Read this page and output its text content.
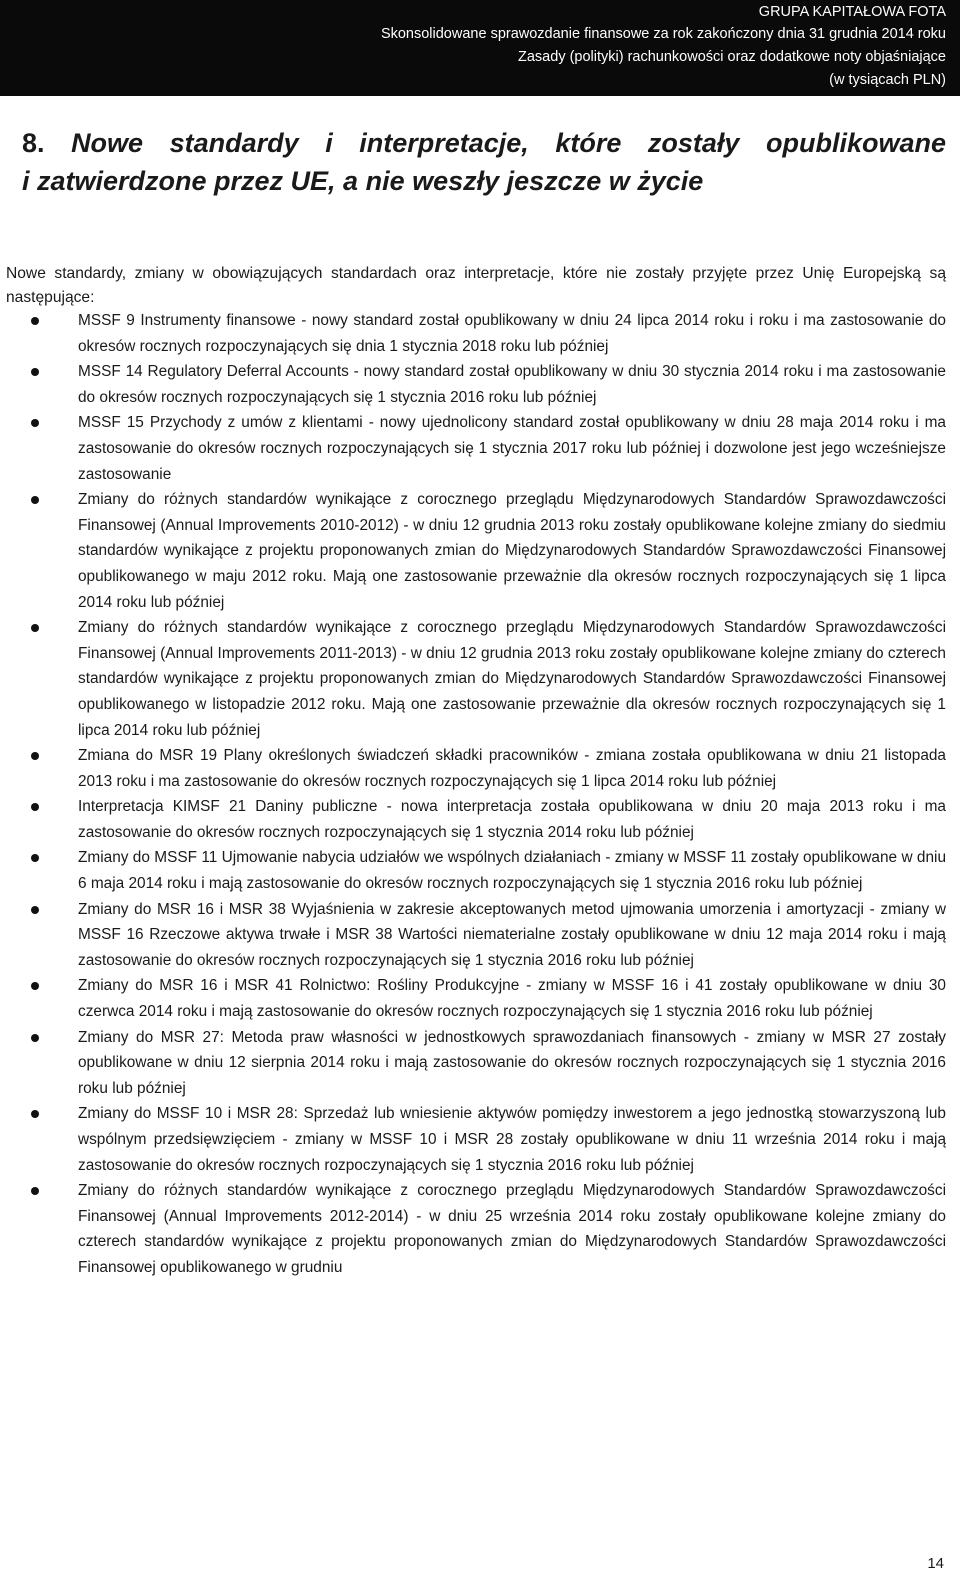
GRUPA KAPITAŁOWA FOTA
Skonsolidowane sprawozdanie finansowe za rok zakończony dnia 31 grudnia 2014 roku
Zasady (polityki) rachunkowości oraz dodatkowe noty objaśniające
(w tysiącach PLN)
8. Nowe standardy i interpretacje, które zostały opublikowane
i zatwierdzone przez UE, a nie weszły jeszcze w życie

Nowe standardy, zmiany w obowiązujących standardach oraz interpretacje, które nie zostały przyjęte przez Unię Europejską są następujące:

MSSF 9 Instrumenty finansowe - nowy standard został opublikowany w dniu 24 lipca 2014 roku i roku i ma zastosowanie do okresów rocznych rozpoczynających się dnia 1 stycznia 2018 roku lub później
MSSF 14 Regulatory Deferral Accounts - nowy standard został opublikowany w dniu 30 stycznia 2014 roku i ma zastosowanie do okresów rocznych rozpoczynających się 1 stycznia 2016 roku lub później
MSSF 15 Przychody z umów z klientami - nowy ujednolicony standard został opublikowany w dniu 28 maja 2014 roku i ma zastosowanie do okresów rocznych rozpoczynających się 1 stycznia 2017 roku lub później i dozwolone jest jego wcześniejsze zastosowanie
Zmiany do różnych standardów wynikające z corocznego przeglądu Międzynarodowych Standardów Sprawozdawczości Finansowej (Annual Improvements 2010-2012) - w dniu 12 grudnia 2013 roku zostały opublikowane kolejne zmiany do siedmiu standardów wynikające z projektu proponowanych zmian do Międzynarodowych Standardów Sprawozdawczości Finansowej opublikowanego w maju 2012 roku. Mają one zastosowanie przeważnie dla okresów rocznych rozpoczynających się 1 lipca 2014 roku lub później
Zmiany do różnych standardów wynikające z corocznego przeglądu Międzynarodowych Standardów Sprawozdawczości Finansowej (Annual Improvements 2011-2013) - w dniu 12 grudnia 2013 roku zostały opublikowane kolejne zmiany do czterech standardów wynikające z projektu proponowanych zmian do Międzynarodowych Standardów Sprawozdawczości Finansowej opublikowanego w listopadzie 2012 roku. Mają one zastosowanie przeważnie dla okresów rocznych rozpoczynających się 1 lipca 2014 roku lub później
Zmiana do MSR 19 Plany określonych świadczeń składki pracowników - zmiana została opublikowana w dniu 21 listopada 2013 roku i ma zastosowanie do okresów rocznych rozpoczynających się 1 lipca 2014 roku lub później
Interpretacja KIMSF 21 Daniny publiczne - nowa interpretacja została opublikowana w dniu 20 maja 2013 roku i ma zastosowanie do okresów rocznych rozpoczynających się 1 stycznia 2014 roku lub później
Zmiany do MSSF 11 Ujmowanie nabycia udziałów we wspólnych działaniach - zmiany w MSSF 11 zostały opublikowane w dniu 6 maja 2014 roku i mają zastosowanie do okresów rocznych rozpoczynających się 1 stycznia 2016 roku lub później
Zmiany do MSR 16 i MSR 38 Wyjaśnienia w zakresie akceptowanych metod ujmowania umorzenia i amortyzacji - zmiany w MSSF 16 Rzeczowe aktywa trwałe i MSR 38 Wartości niematerialne zostały opublikowane w dniu 12 maja 2014 roku i mają zastosowanie do okresów rocznych rozpoczynających się 1 stycznia 2016 roku lub później
Zmiany do MSR 16 i MSR 41 Rolnictwo: Rośliny Produkcyjne - zmiany w MSSF 16 i 41 zostały opublikowane w dniu 30 czerwca 2014 roku i mają zastosowanie do okresów rocznych rozpoczynających się 1 stycznia 2016 roku lub później
Zmiany do MSR 27: Metoda praw własności w jednostkowych sprawozdaniach finansowych - zmiany w MSR 27 zostały opublikowane w dniu 12 sierpnia 2014 roku i mają zastosowanie do okresów rocznych rozpoczynających się 1 stycznia 2016 roku lub później
Zmiany do MSSF 10 i MSR 28: Sprzedaż lub wniesienie aktywów pomiędzy inwestorem a jego jednostką stowarzyszoną lub wspólnym przedsięwzięciem - zmiany w MSSF 10 i MSR 28 zostały opublikowane w dniu 11 września 2014 roku i mają zastosowanie do okresów rocznych rozpoczynających się 1 stycznia 2016 roku lub później
Zmiany do różnych standardów wynikające z corocznego przeglądu Międzynarodowych Standardów Sprawozdawczości Finansowej (Annual Improvements 2012-2014) - w dniu 25 września 2014 roku zostały opublikowane kolejne zmiany do czterech standardów wynikające z projektu proponowanych zmian do Międzynarodowych Standardów Sprawozdawczości Finansowej opublikowanego w grudniu
14
